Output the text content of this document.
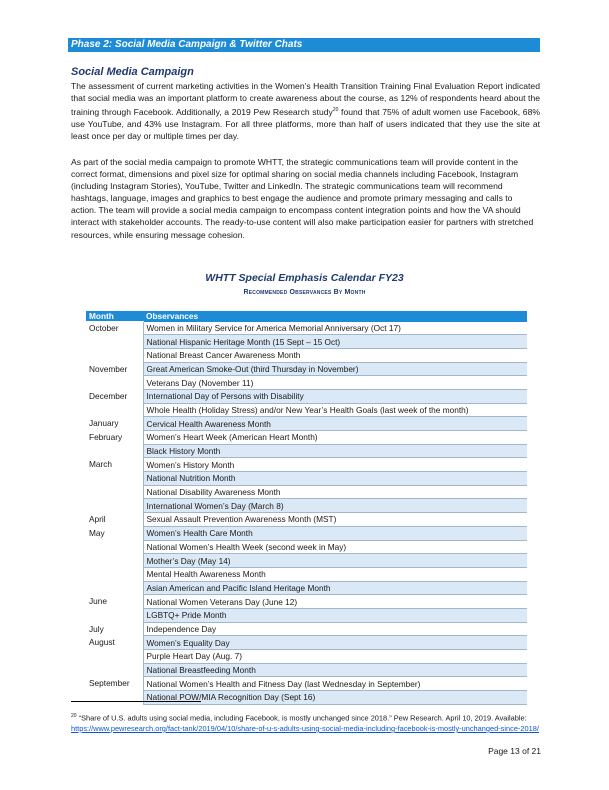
Phase 2: Social Media Campaign & Twitter Chats
Social Media Campaign

The assessment of current marketing activities in the Women’s Health Transition Training Final Evaluation Report indicated that social media was an important platform to create awareness about the course, as 12% of respondents heard about the training through Facebook. Additionally, a 2019 Pew Research study$^{20}$ found that 75% of adult women use Facebook, 68% use YouTube, and 43% use Instagram. For all three platforms, more than half of users indicated that they use the site at least once per day or multiple times per day.

As part of the social media campaign to promote WHTT, the strategic communications team will provide content in the correct format, dimensions and pixel size for optimal sharing on social media channels including Facebook, Instagram (including Instagram Stories), YouTube, Twitter and LinkedIn. The strategic communications team will recommend hashtags, language, images and graphics to best engage the audience and promote primary messaging and calls to action. The team will provide a social media campaign to encompass content integration points and how the VA should interact with stakeholder accounts. The ready-to-use content will also make participation easier for partners with stretched resources, while ensuring message cohesion.

WHTT Special Emphasis Calendar FY23
Recommended Observances By Month
Month	Observances
October	Women in Military Service for America Memorial Anniversary (Oct 17)
	National Hispanic Heritage Month (15 Sept – 15 Oct)
	National Breast Cancer Awareness Month
November	Great American Smoke-Out (third Thursday in November)
	Veterans Day (November 11)
December	International Day of Persons with Disability
	Whole Health (Holiday Stress) and/or New Year’s Health Goals (last week of the month)
January	Cervical Health Awareness Month
February	Women’s Heart Week (American Heart Month)
	Black History Month
March	Women’s History Month
	National Nutrition Month
	National Disability Awareness Month
	International Women’s Day (March 8)
April	Sexual Assault Prevention Awareness Month (MST)
May	Women’s Health Care Month
	National Women’s Health Week (second week in May)
	Mother’s Day (May 14)
	Mental Health Awareness Month
	Asian American and Pacific Island Heritage Month
June	National Women Veterans Day (June 12)
	LGBTQ+ Pride Month
July	Independence Day
August	Women’s Equality Day
	Purple Heart Day (Aug. 7)
	National Breastfeeding Month
September	National Women’s Health and Fitness Day (last Wednesday in September)
	National POW/MIA Recognition Day (Sept 16)
$^{20}$ “Share of U.S. adults using social media, including Facebook, is mostly unchanged since 2018.” Pew Research. April 10, 2019. Available: https://www.pewresearch.org/fact-tank/2019/04/10/share-of-u-s-adults-using-social-media-including-facebook-is-mostly-unchanged-since-2018/
Page 13 of 21
